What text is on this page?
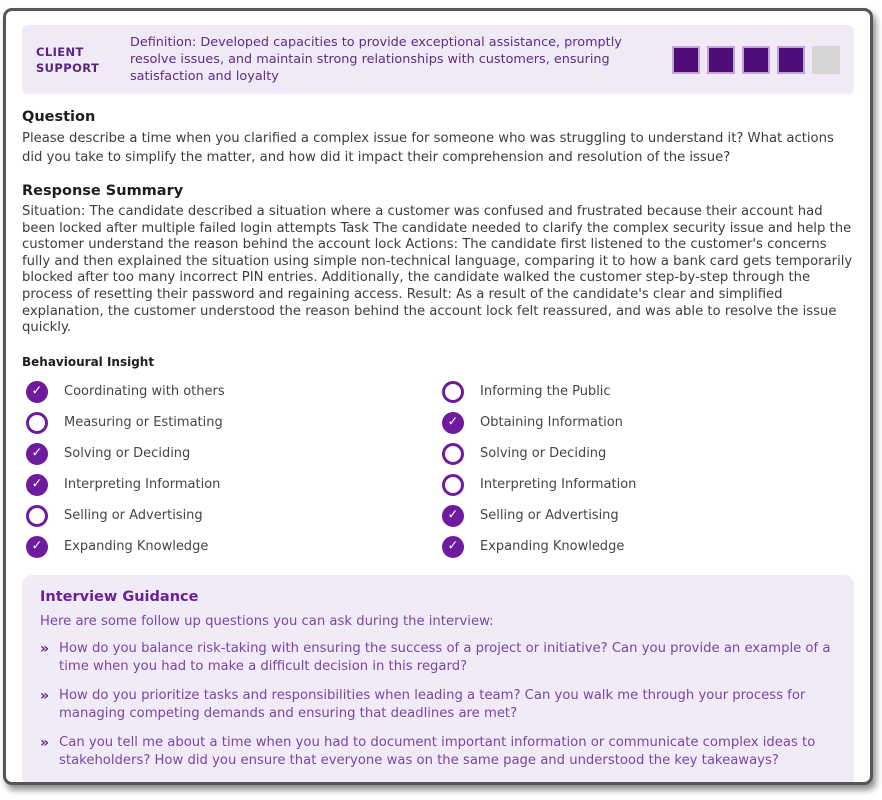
CLIENT SUPPORT
Definition: Developed capacities to provide exceptional assistance, promptly resolve issues, and maintain strong relationships with customers, ensuring satisfaction and loyalty
Question

Please describe a time when you clarified a complex issue for someone who was struggling to understand it? What actions did you take to simplify the matter, and how did it impact their comprehension and resolution of the issue?

Response Summary

Situation: The candidate described a situation where a customer was confused and frustrated because their account had been locked after multiple failed login attempts Task The candidate needed to clarify the complex security issue and help the customer understand the reason behind the account lock Actions: The candidate first listened to the customer's concerns fully and then explained the situation using simple non-technical language, comparing it to how a bank card gets temporarily blocked after too many incorrect PIN entries. Additionally, the candidate walked the customer step-by-step through the process of resetting their password and regaining access. Result: As a result of the candidate's clear and simplified explanation, the customer understood the reason behind the account lock felt reassured, and was able to resolve the issue quickly.

Behavioural Insight
✓ Coordinating with others
Measuring or Estimating
✓ Solving or Deciding
✓ Interpreting Information
Selling or Advertising
✓ Expanding Knowledge
Informing the Public
✓ Obtaining Information
Solving or Deciding
Interpreting Information
✓ Selling or Advertising
✓ Expanding Knowledge
Interview Guidance

Here are some follow up questions you can ask during the interview:

» How do you balance risk-taking with ensuring the success of a project or initiative? Can you provide an example of a time when you had to make a difficult decision in this regard?
» How do you prioritize tasks and responsibilities when leading a team? Can you walk me through your process for managing competing demands and ensuring that deadlines are met?
» Can you tell me about a time when you had to document important information or communicate complex ideas to stakeholders? How did you ensure that everyone was on the same page and understood the key takeaways?
